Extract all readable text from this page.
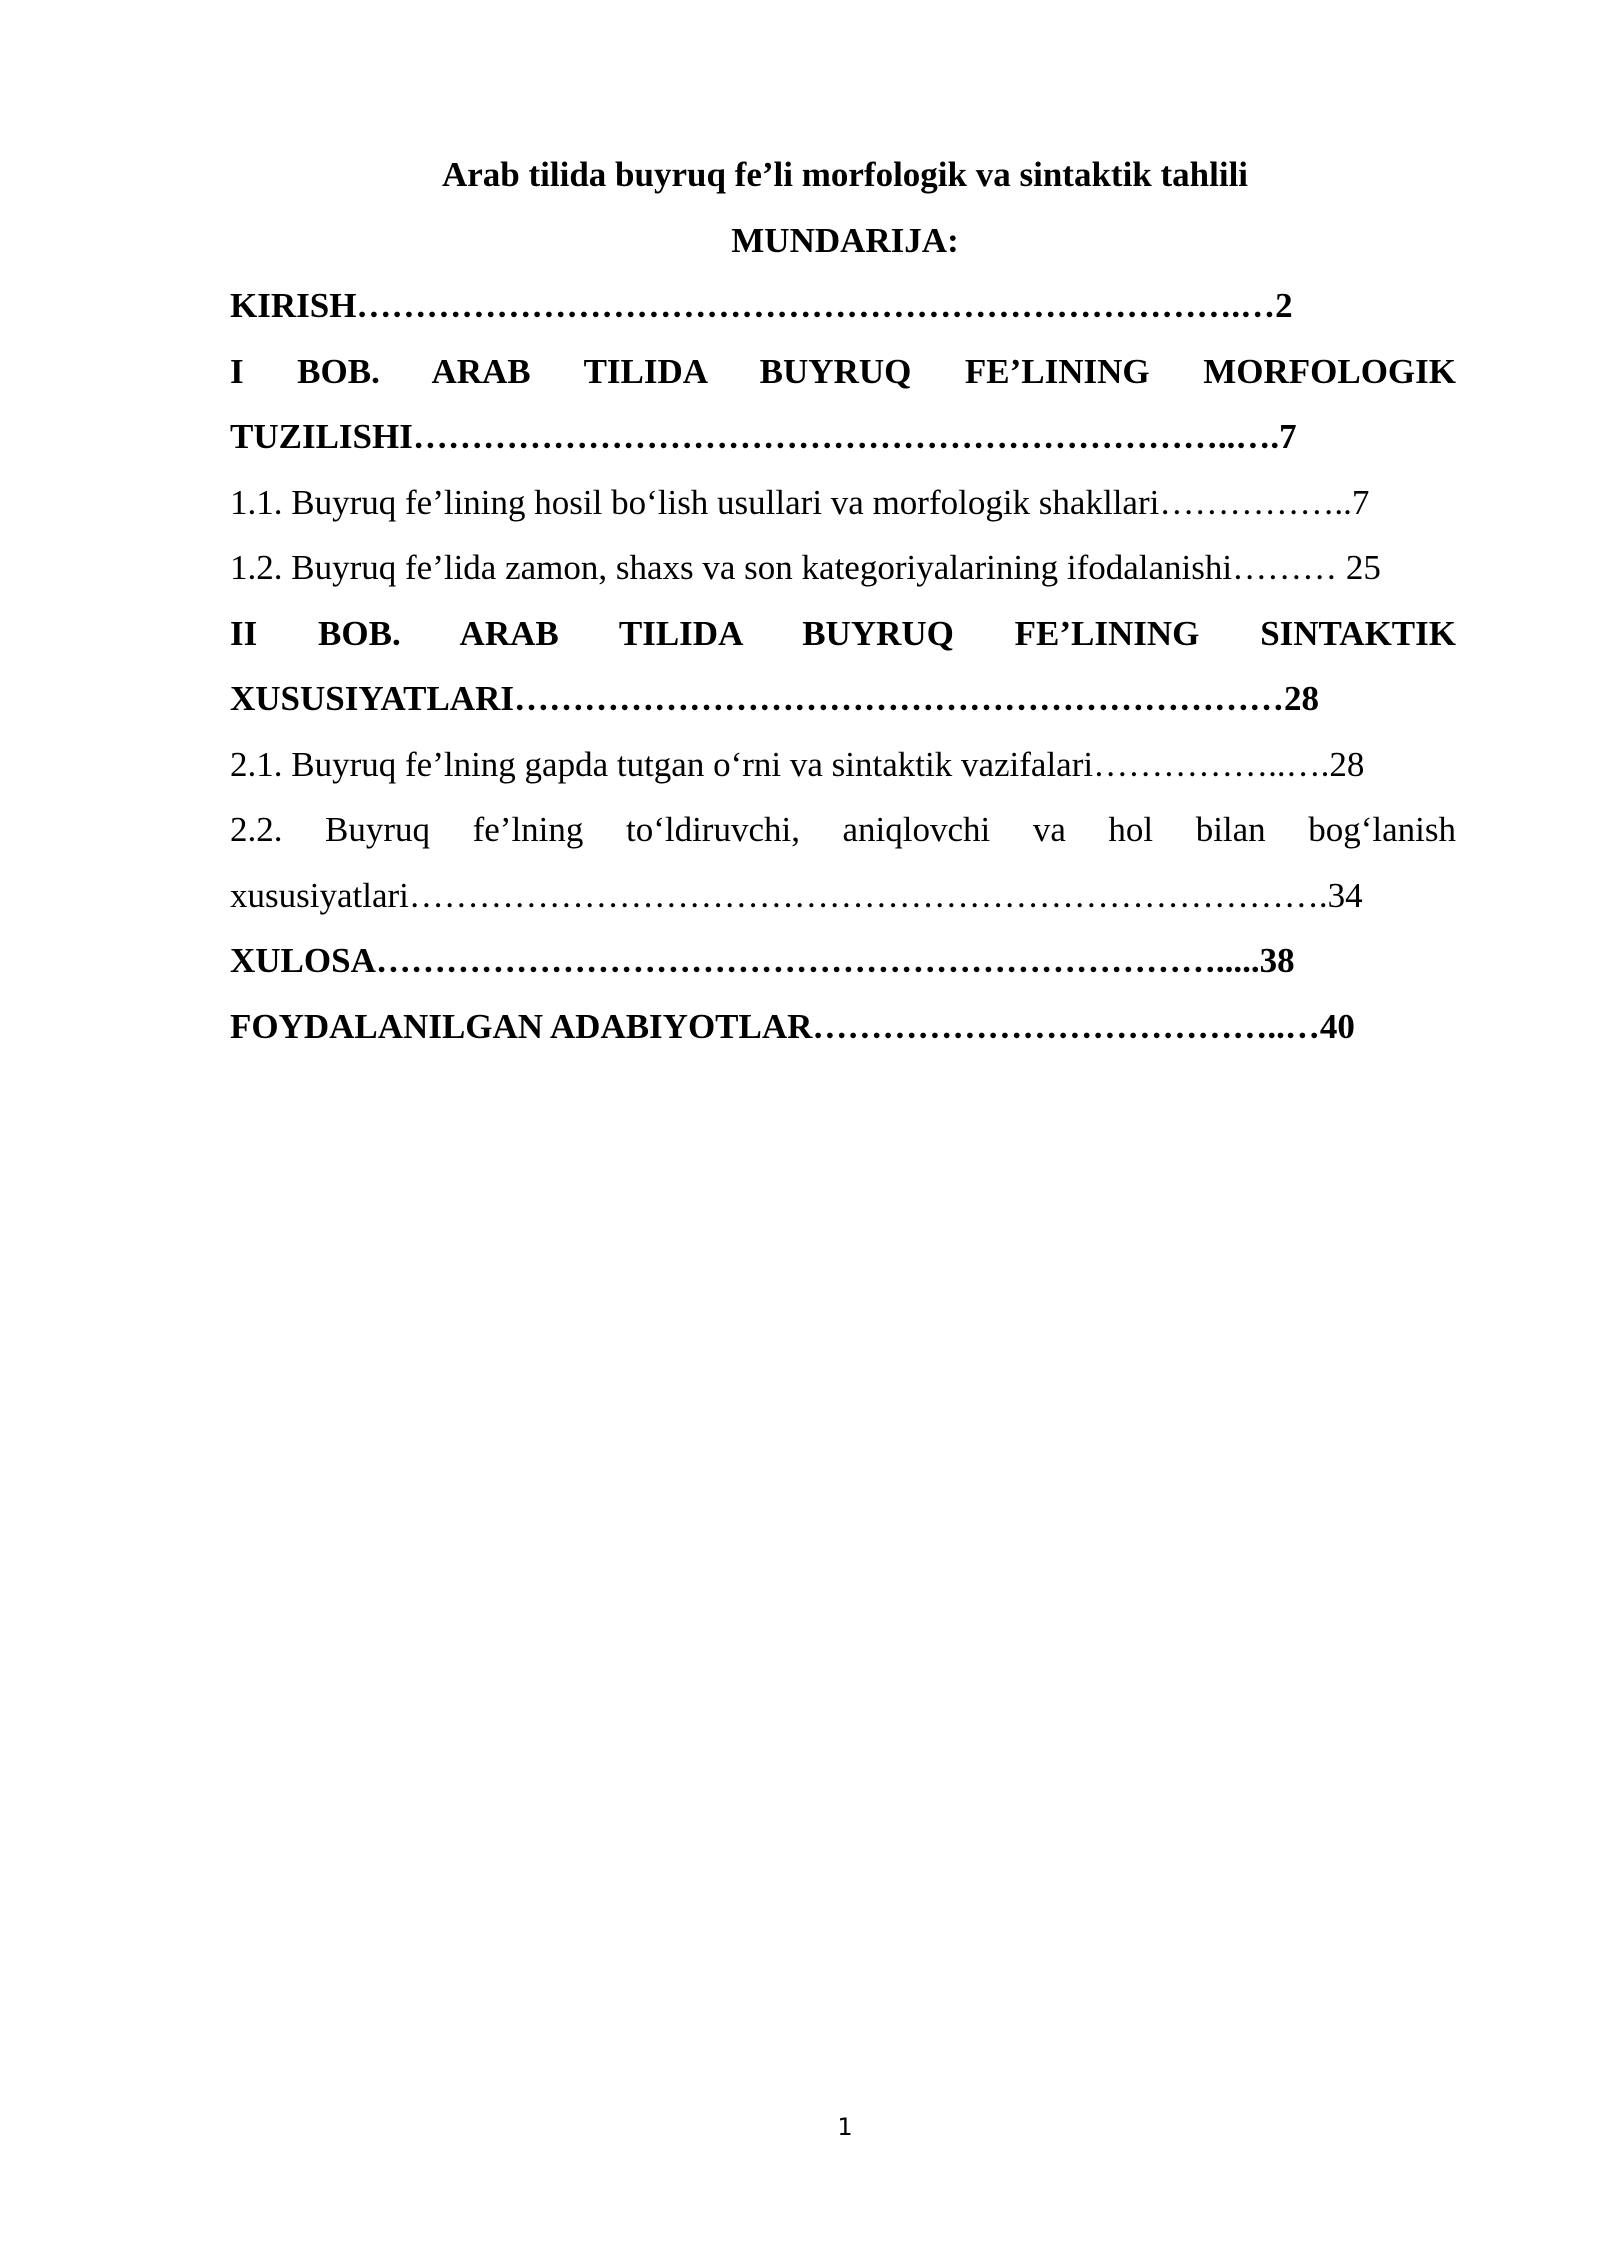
Arab tilida buyruq fe’li morfologik va sintaktik tahlili
MUNDARIJA:
KIRISH………………………………………………………………….…2
I BOB. ARAB TILIDA BUYRUQ FE’LINING MORFOLOGIK TUZILISHI……………………………………………………………..….7
1.1. Buyruq fe’lining hosil bo‘lish usullari va morfologik shakllari……………..7
1.2. Buyruq fe’lida zamon, shaxs va son kategoriyalarining ifodalanishi……… 25
II BOB. ARAB TILIDA BUYRUQ FE’LINING SINTAKTIK XUSUSIYATLARI…………………………………………………………28
2.1. Buyruq fe’lning gapda tutgan o‘rni va sintaktik vazifalari……………..….28
2.2. Buyruq fe’lning to‘ldiruvchi, aniqlovchi va hol bilan bog‘lanish xususiyatlari…………………………………………………………………….34
XULOSA……………………………………………………………….....38
FOYDALANILGAN ADABIYOTLAR…………………………………..…40
1
